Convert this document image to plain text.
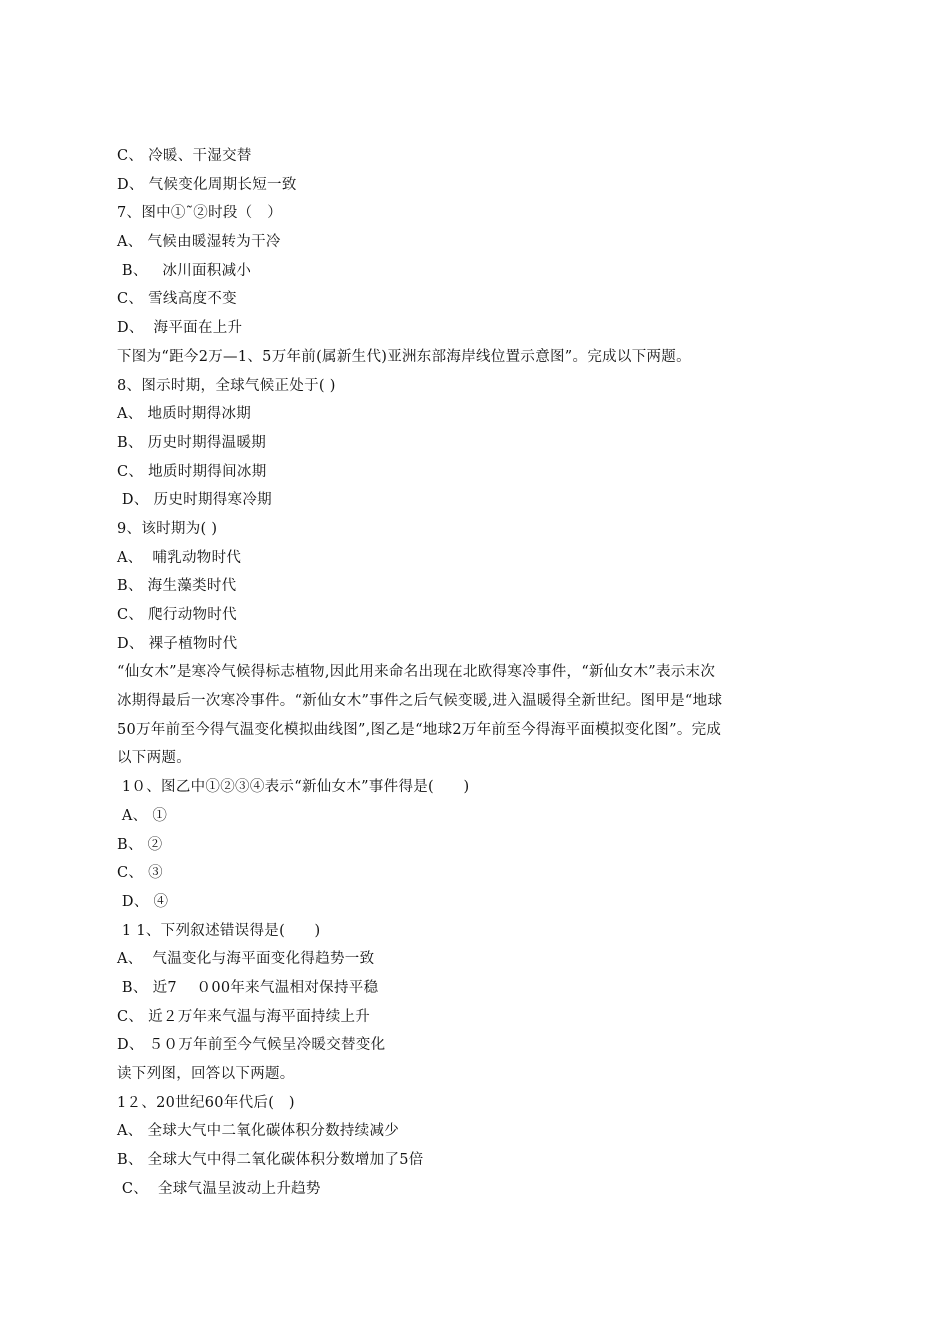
C、 冷暖、干湿交替
D、 气候变化周期长短一致
7、图中①˜②时段（   ）
A、 气候由暖湿转为干冷
B、   冰川面积减小
C、 雪线高度不变
D、  海平面在上升
下图为“距今2万—1、5万年前(属新生代)亚洲东部海岸线位置示意图”。完成以下两题。
8、图示时期，全球气候正处于( )
A、 地质时期得冰期
B、 历史时期得温暖期
C、 地质时期得间冰期
D、 历史时期得寒冷期
9、该时期为( )
A、  哺乳动物时代
B、 海生藻类时代
C、 爬行动物时代
D、 裸子植物时代
“仙女木”是寒冷气候得标志植物,因此用来命名出现在北欧得寒冷事件，“新仙女木”表示末次
冰期得最后一次寒冷事件。“新仙女木”事件之后气候变暖,进入温暖得全新世纪。图甲是“地球
50万年前至今得气温变化模拟曲线图”,图乙是“地球2万年前至今得海平面模拟变化图”。完成
以下两题。
1０、图乙中①②③④表示“新仙女木”事件得是(      )
A、 ①
B、 ②
C、 ③
D、 ④
1 1、下列叙述错误得是(      )
A、  气温变化与海平面变化得趋势一致
B、 近7    ０00年来气温相对保持平稳
C、 近２万年来气温与海平面持续上升
D、 ５０万年前至今气候呈冷暖交替变化
读下列图，回答以下两题。
1２、20世纪60年代后(   )
A、 全球大气中二氧化碳体积分数持续减少
B、 全球大气中得二氧化碳体积分数增加了5倍
C、  全球气温呈波动上升趋势
